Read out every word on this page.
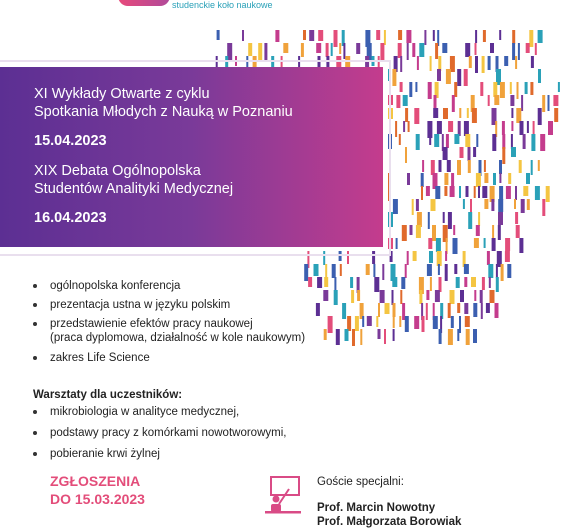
studenckie koło naukowe

XI Wykłady Otwarte z cyklu

Spotkania Młodych z Nauką w Poznaniu

15.04.2023

XIX Debata Ogólnopolska

Studentów Analityki Medycznej

16.04.2023

ogólnopolska konferencja
prezentacja ustna w języku polskim
przedstawienie efektów pracy naukowej
(praca dyplomowa, działalność w kole naukowym)
zakres Life Science
Warsztaty dla uczestników:
mikrobiologia w analityce medycznej,
podstawy pracy z komórkami nowotworowymi,
pobieranie krwi żylnej
ZGŁOSZENIA
DO 15.03.2023
Goście specjalni:
Prof. Marcin Nowotny
Prof. Małgorzata Borowiak
